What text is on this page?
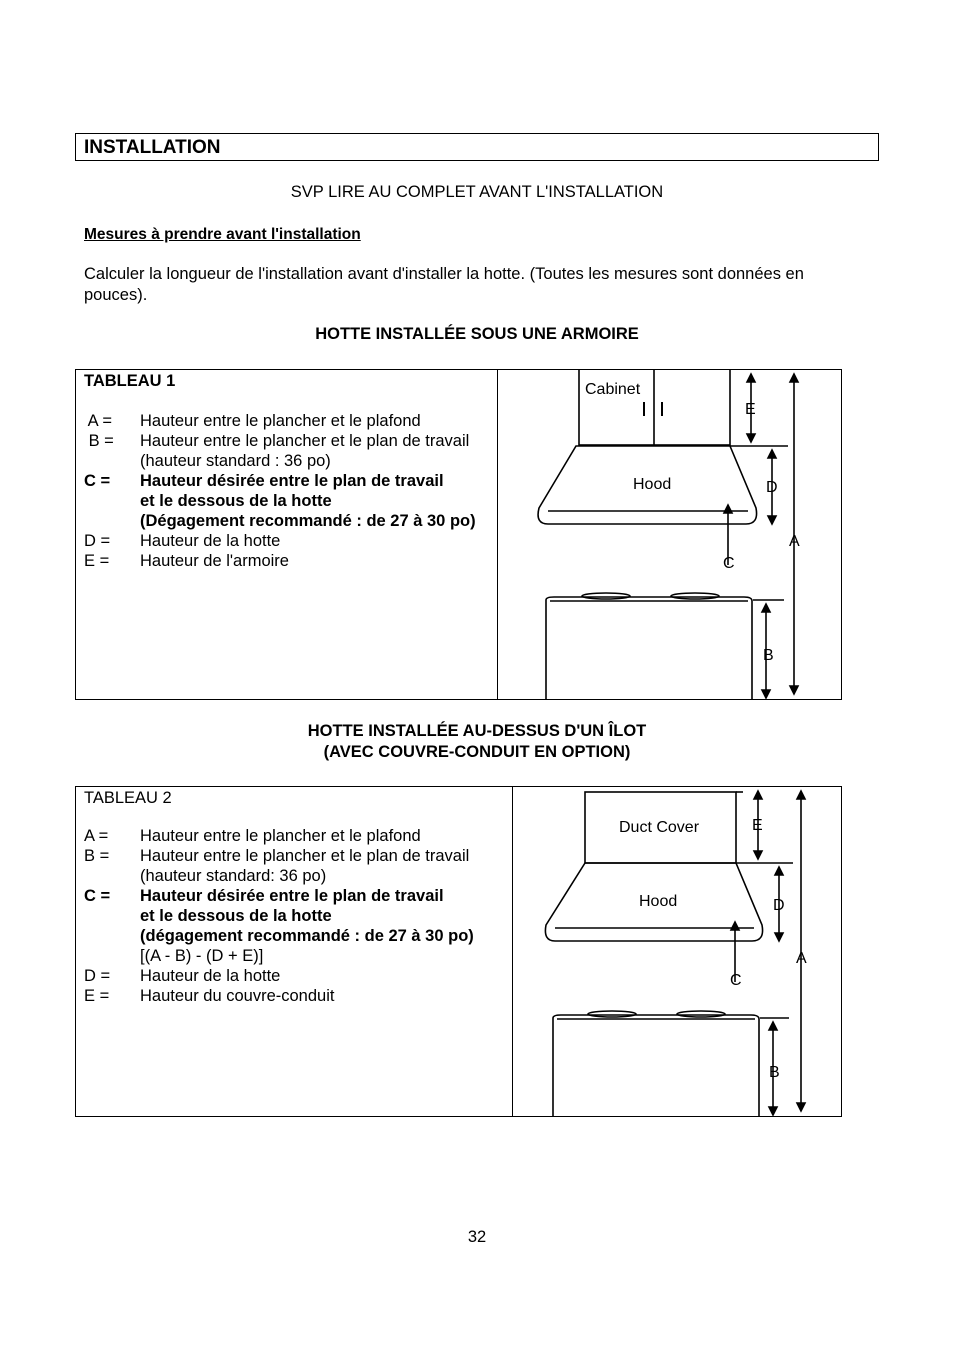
INSTALLATION
SVP LIRE AU COMPLET AVANT L'INSTALLATION
Mesures à prendre avant l'installation
Calculer la longueur de l'installation avant d'installer la hotte. (Toutes les mesures sont données en pouces).
HOTTE INSTALLÉE SOUS UNE ARMOIRE
TABLEAU 1
A =	Hauteur entre le plancher et le plafond
B =	Hauteur entre le plancher et le plan de travail
(hauteur standard : 36 po)
C =	Hauteur désirée entre le plan de travail
et le dessous de la hotte
(Dégagement recommandé : de 27 à 30 po)
D =	Hauteur de la hotte
E =	Hauteur de l'armoire
Cabinet
Hood
E
D
C
A
B
HOTTE INSTALLÉE AU-DESSUS D'UN ÎLOT
(AVEC COUVRE-CONDUIT EN OPTION)
TABLEAU 2
A =	Hauteur entre le plancher et le plafond
B =	Hauteur entre le plancher et le plan de travail
(hauteur standard: 36 po)
C =	Hauteur désirée entre le plan de travail
et le dessous de la hotte
(dégagement recommandé : de 27 à 30 po)
[(A - B) - (D + E)]
D =	Hauteur de la hotte
E =	Hauteur du couvre-conduit
Duct Cover
Hood
E
D
C
A
B
32
